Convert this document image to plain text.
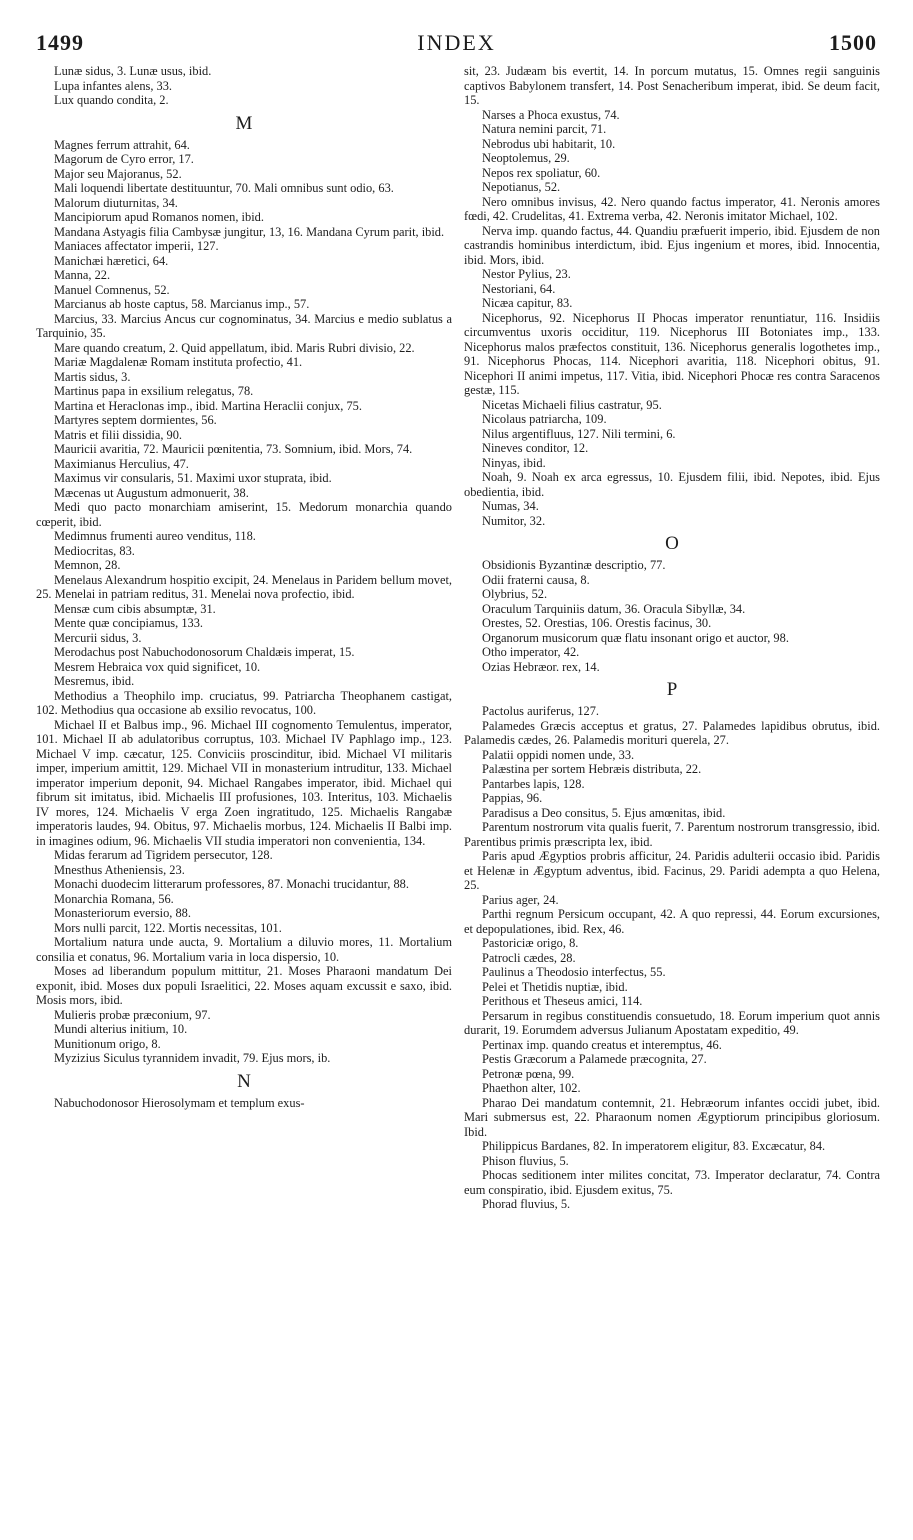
1499	INDEX	1500

Lunæ sidus, 3. Lunæ usus, ibid.

Lupa infantes alens, 33.

Lux quando condita, 2.

M

Magnes ferrum attrahit, 64.

Magorum de Cyro error, 17.

Major seu Majoranus, 52.

Mali loquendi libertate destituuntur, 70. Mali omnibus sunt odio, 63.

Malorum diuturnitas, 34.

Mancipiorum apud Romanos nomen, ibid.

Mandana Astyagis filia Cambysæ jungitur, 13, 16. Mandana Cyrum parit, ibid.

Maniaces affectator imperii, 127.

Manichæi hæretici, 64.

Manna, 22.

Manuel Comnenus, 52.

Marcianus ab hoste captus, 58. Marcianus imp., 57.

Marcius, 33. Marcius Ancus cur cognominatus, 34. Marcius e medio sublatus a Tarquinio, 35.

Mare quando creatum, 2. Quid appellatum, ibid. Maris Rubri divisio, 22.

Mariæ Magdalenæ Romam instituta profectio, 41.

Martis sidus, 3.

Martinus papa in exsilium relegatus, 78.

Martina et Heraclonas imp., ibid. Martina Heraclii conjux, 75.

Martyres septem dormientes, 56.

Matris et filii dissidia, 90.

Mauricii avaritia, 72. Mauricii pœnitentia, 73. Somnium, ibid. Mors, 74.

Maximianus Herculius, 47.

Maximus vir consularis, 51. Maximi uxor stuprata, ibid.

Mæcenas ut Augustum admonuerit, 38.

Medi quo pacto monarchiam amiserint, 15. Medorum monarchia quando cœperit, ibid.

Medimnus frumenti aureo venditus, 118.

Mediocritas, 83.

Memnon, 28.

Menelaus Alexandrum hospitio excipit, 24. Menelaus in Paridem bellum movet, 25. Menelai in patriam reditus, 31. Menelai nova profectio, ibid.

Mensæ cum cibis absumptæ, 31.

Mente quæ concipiamus, 133.

Mercurii sidus, 3.

Merodachus post Nabuchodonosorum Chaldæis imperat, 15.

Mesrem Hebraica vox quid significet, 10.

Mesremus, ibid.

Methodius a Theophilo imp. cruciatus, 99. Patriarcha Theophanem castigat, 102. Methodius qua occasione ab exsilio revocatus, 100.

Michael II et Balbus imp., 96. Michael III cognomento Temulentus, imperator, 101. Michael II ab adulatoribus corruptus, 103. Michael IV Paphlago imp., 123. Michael V imp. cæcatur, 125. Conviciis proscinditur, ibid. Michael VI militaris imper, imperium amittit, 129. Michael VII in monasterium intruditur, 133. Michael imperator imperium deponit, 94. Michael Rangabes imperator, ibid. Michael qui fibrum sit imitatus, ibid. Michaelis III profusiones, 103. Interitus, 103. Michaelis IV mores, 124. Michaelis V erga Zoen ingratitudo, 125. Michaelis Rangabæ imperatoris laudes, 94. Obitus, 97. Michaelis morbus, 124. Michaelis II Balbi imp. in imagines odium, 96. Michaelis VII studia imperatori non convenientia, 134.

Midas ferarum ad Tigridem persecutor, 128.

Mnesthus Atheniensis, 23.

Monachi duodecim litterarum professores, 87. Monachi trucidantur, 88.

Monarchia Romana, 56.

Monasteriorum eversio, 88.

Mors nulli parcit, 122. Mortis necessitas, 101.

Mortalium natura unde aucta, 9. Mortalium a diluvio mores, 11. Mortalium consilia et conatus, 96. Mortalium varia in loca dispersio, 10.

Moses ad liberandum populum mittitur, 21. Moses Pharaoni mandatum Dei exponit, ibid. Moses dux populi Israelitici, 22. Moses aquam excussit e saxo, ibid. Mosis mors, ibid.

Mulieris probæ præconium, 97.

Mundi alterius initium, 10.

Munitionum origo, 8.

Myzizius Siculus tyrannidem invadit, 79. Ejus mors, ib.

N

Nabuchodonosor Hierosolymam et templum exus-

sit, 23. Judæam bis evertit, 14. In porcum mutatus, 15. Omnes regii sanguinis captivos Babylonem transfert, 14. Post Senacheribum imperat, ibid. Se deum facit, 15.

Narses a Phoca exustus, 74.

Natura nemini parcit, 71.

Nebrodus ubi habitarit, 10.

Neoptolemus, 29.

Nepos rex spoliatur, 60.

Nepotianus, 52.

Nero omnibus invisus, 42. Nero quando factus imperator, 41. Neronis amores fœdi, 42. Crudelitas, 41. Extrema verba, 42. Neronis imitator Michael, 102.

Nerva imp. quando factus, 44. Quandiu præfuerit imperio, ibid. Ejusdem de non castrandis hominibus interdictum, ibid. Ejus ingenium et mores, ibid. Innocentia, ibid. Mors, ibid.

Nestor Pylius, 23.

Nestoriani, 64.

Nicæa capitur, 83.

Nicephorus, 92. Nicephorus II Phocas imperator renuntiatur, 116. Insidiis circumventus uxoris occiditur, 119. Nicephorus III Botoniates imp., 133. Nicephorus malos præfectos constituit, 136. Nicephorus generalis logothetes imp., 91. Nicephorus Phocas, 114. Nicephori avaritia, 118. Nicephori obitus, 91. Nicephori II animi impetus, 117. Vitia, ibid. Nicephori Phocæ res contra Saracenos gestæ, 115.

Nicetas Michaeli filius castratur, 95.

Nicolaus patriarcha, 109.

Nilus argentifluus, 127. Nili termini, 6.

Nineves conditor, 12.

Ninyas, ibid.

Noah, 9. Noah ex arca egressus, 10. Ejusdem filii, ibid. Nepotes, ibid. Ejus obedientia, ibid.

Numas, 34.

Numitor, 32.

O

Obsidionis Byzantinæ descriptio, 77.

Odii fraterni causa, 8.

Olybrius, 52.

Oraculum Tarquiniis datum, 36. Oracula Sibyllæ, 34.

Orestes, 52. Orestias, 106. Orestis facinus, 30.

Organorum musicorum quæ flatu insonant origo et auctor, 98.

Otho imperator, 42.

Ozias Hebræor. rex, 14.

P

Pactolus auriferus, 127.

Palamedes Græcis acceptus et gratus, 27. Palamedes lapidibus obrutus, ibid. Palamedis cædes, 26. Palamedis morituri querela, 27.

Palatii oppidi nomen unde, 33.

Palæstina per sortem Hebræis distributa, 22.

Pantarbes lapis, 128.

Pappias, 96.

Paradisus a Deo consitus, 5. Ejus amœnitas, ibid.

Parentum nostrorum vita qualis fuerit, 7. Parentum nostrorum transgressio, ibid. Parentibus primis præscripta lex, ibid.

Paris apud Ægyptios probris afficitur, 24. Paridis adulterii occasio ibid. Paridis et Helenæ in Ægyptum adventus, ibid. Facinus, 29. Paridi adempta a quo Helena, 25.

Parius ager, 24.

Parthi regnum Persicum occupant, 42. A quo repressi, 44. Eorum excursiones, et depopulationes, ibid. Rex, 46.

Pastoriciæ origo, 8.

Patrocli cædes, 28.

Paulinus a Theodosio interfectus, 55.

Pelei et Thetidis nuptiæ, ibid.

Perithous et Theseus amici, 114.

Persarum in regibus constituendis consuetudo, 18. Eorum imperium quot annis durarit, 19. Eorumdem adversus Julianum Apostatam expeditio, 49.

Pertinax imp. quando creatus et interemptus, 46.

Pestis Græcorum a Palamede præcognita, 27.

Petronæ pœna, 99.

Phaethon alter, 102.

Pharao Dei mandatum contemnit, 21. Hebræorum infantes occidi jubet, ibid. Mari submersus est, 22. Pharaonum nomen Ægyptiorum principibus gloriosum. Ibid.

Philippicus Bardanes, 82. In imperatorem eligitur, 83. Excæcatur, 84.

Phison fluvius, 5.

Phocas seditionem inter milites concitat, 73. Imperator declaratur, 74. Contra eum conspiratio, ibid. Ejusdem exitus, 75.

Phorad fluvius, 5.
